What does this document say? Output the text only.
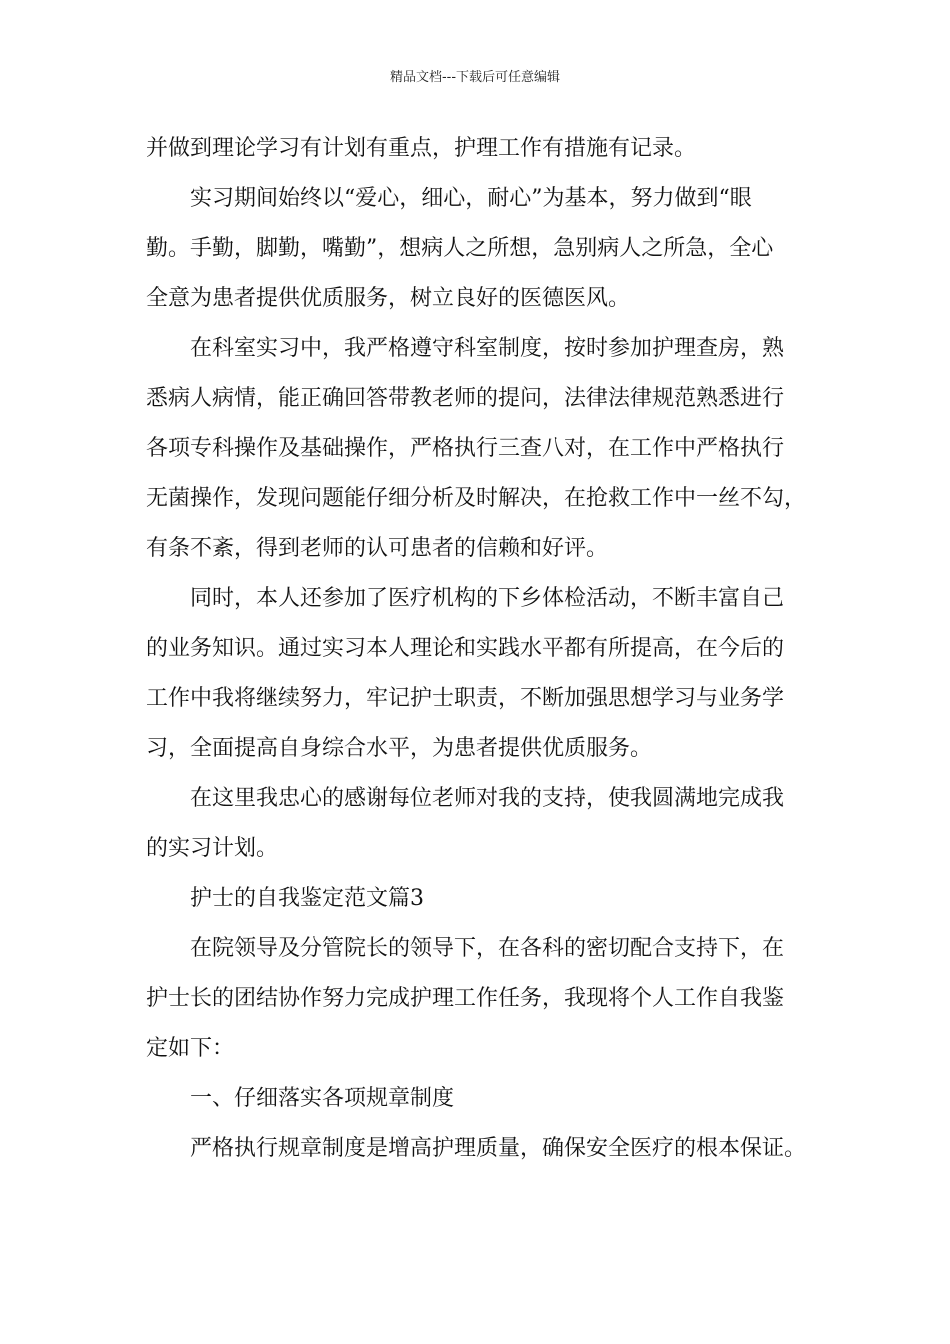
精品文档---下载后可任意编辑
并做到理论学习有计划有重点，护理工作有措施有记录。
实习期间始终以“爱心，细心，耐心”为基本，努力做到“眼
勤。手勤，脚勤，嘴勤”，想病人之所想，急别病人之所急，全心
全意为患者提供优质服务，树立良好的医德医风。
在科室实习中，我严格遵守科室制度，按时参加护理查房，熟
悉病人病情，能正确回答带教老师的提问，法律法律规范熟悉进行
各项专科操作及基础操作，严格执行三查八对，在工作中严格执行
无菌操作，发现问题能仔细分析及时解决，在抢救工作中一丝不勾，
有条不紊，得到老师的认可患者的信赖和好评。
同时，本人还参加了医疗机构的下乡体检活动，不断丰富自己
的业务知识。通过实习本人理论和实践水平都有所提高，在今后的
工作中我将继续努力，牢记护士职责，不断加强思想学习与业务学
习，全面提高自身综合水平，为患者提供优质服务。
在这里我忠心的感谢每位老师对我的支持，使我圆满地完成我
的实习计划。
护士的自我鉴定范文篇3
在院领导及分管院长的领导下，在各科的密切配合支持下，在
护士长的团结协作努力完成护理工作任务，我现将个人工作自我鉴
定如下：
一、仔细落实各项规章制度
严格执行规章制度是增高护理质量，确保安全医疗的根本保证。
